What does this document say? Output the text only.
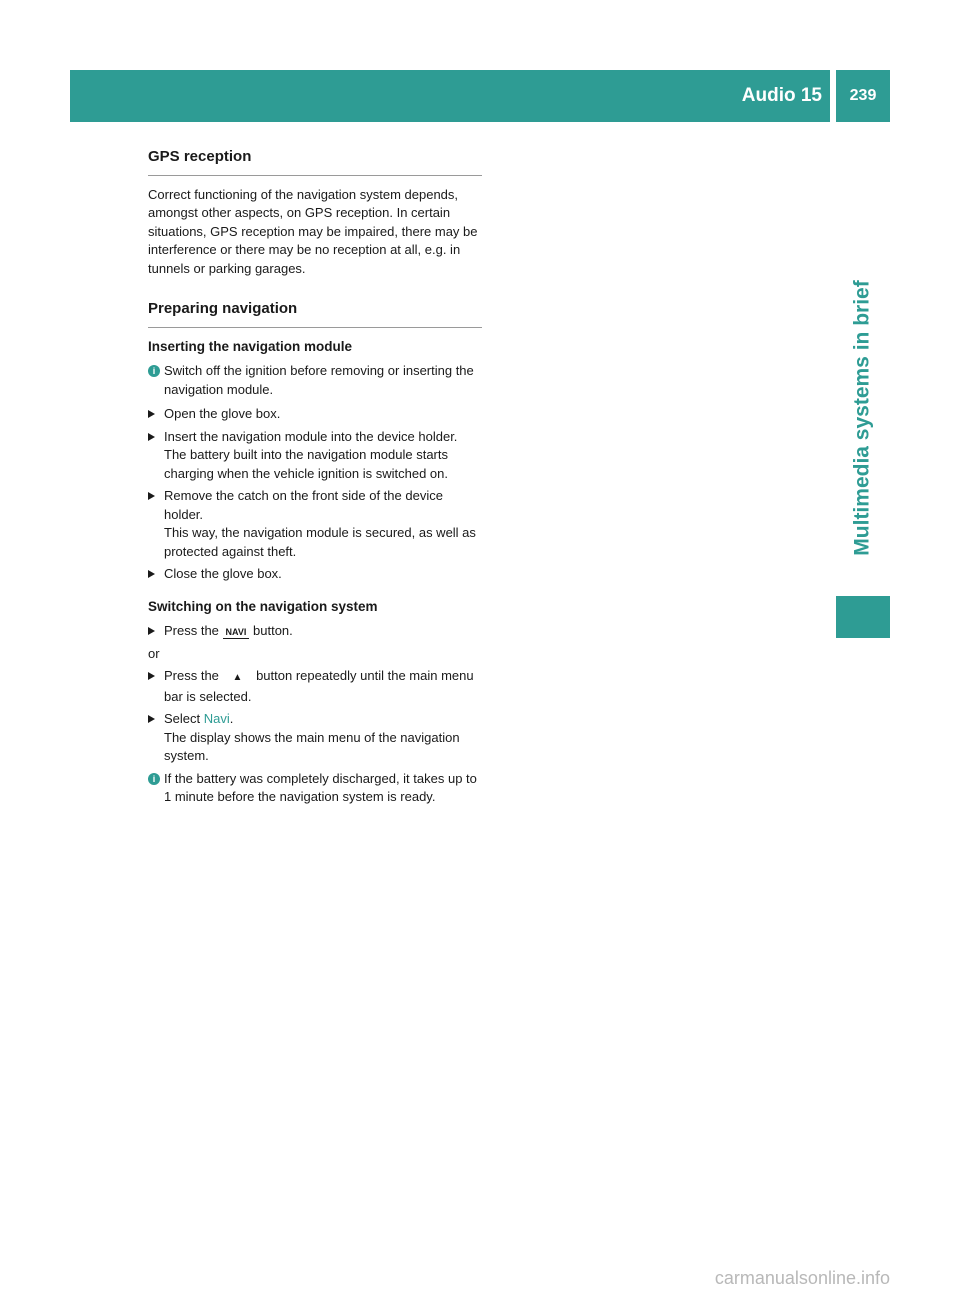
Audio 15	239
Multimedia systems in brief
GPS reception

Correct functioning of the navigation system depends, amongst other aspects, on GPS reception. In certain situations, GPS reception may be impaired, there may be interference or there may be no reception at all, e.g. in tunnels or parking garages.

Preparing navigation
Inserting the navigation module
i Switch off the ignition before removing or inserting the navigation module.
Open the glove box.
Insert the navigation module into the device holder.

The battery built into the navigation module starts charging when the vehicle ignition is switched on.

Remove the catch on the front side of the device holder.

This way, the navigation module is secured, as well as protected against theft.

Close the glove box.
Switching on the navigation system
Press the NAVI button.

or

Press the ▲ button repeatedly until the main menu bar is selected.
Select Navi.

The display shows the main menu of the navigation system.

i If the battery was completely discharged, it takes up to 1 minute before the navigation system is ready.
carmanualsonline.info
